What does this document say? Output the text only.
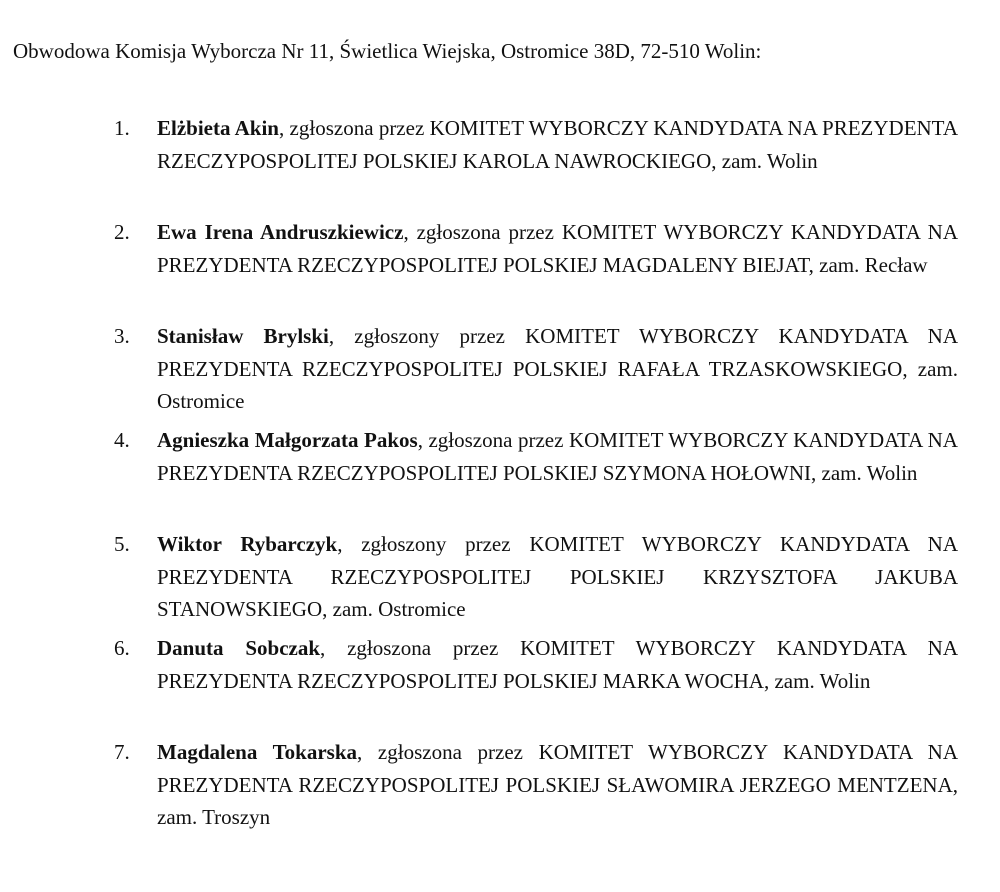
Obwodowa Komisja Wyborcza Nr 11, Świetlica Wiejska, Ostromice 38D, 72-510 Wolin:
1. Elżbieta Akin, zgłoszona przez KOMITET WYBORCZY KANDYDATA NA PREZYDENTA RZECZYPOSPOLITEJ POLSKIEJ KAROLA NAWROCKIEGO, zam. Wolin

2. Ewa Irena Andruszkiewicz, zgłoszona przez KOMITET WYBORCZY KANDYDATA NA PREZYDENTA RZECZYPOSPOLITEJ POLSKIEJ MAGDALENY BIEJAT, zam. Recław

3. Stanisław Brylski, zgłoszony przez KOMITET WYBORCZY KANDYDATA NA PREZYDENTA RZECZYPOSPOLITEJ POLSKIEJ RAFAŁA TRZASKOWSKIEGO, zam. Ostromice

4. Agnieszka Małgorzata Pakos, zgłoszona przez KOMITET WYBORCZY KANDYDATA NA PREZYDENTA RZECZYPOSPOLITEJ POLSKIEJ SZYMONA HOŁOWNI, zam. Wolin

5. Wiktor Rybarczyk, zgłoszony przez KOMITET WYBORCZY KANDYDATA NA PREZYDENTA RZECZYPOSPOLITEJ POLSKIEJ KRZYSZTOFA JAKUBA STANOWSKIEGO, zam. Ostromice

6. Danuta Sobczak, zgłoszona przez KOMITET WYBORCZY KANDYDATA NA PREZYDENTA RZECZYPOSPOLITEJ POLSKIEJ MARKA WOCHA, zam. Wolin

7. Magdalena Tokarska, zgłoszona przez KOMITET WYBORCZY KANDYDATA NA PREZYDENTA RZECZYPOSPOLITEJ POLSKIEJ SŁAWOMIRA JERZEGO MENTZENA, zam. Troszyn
